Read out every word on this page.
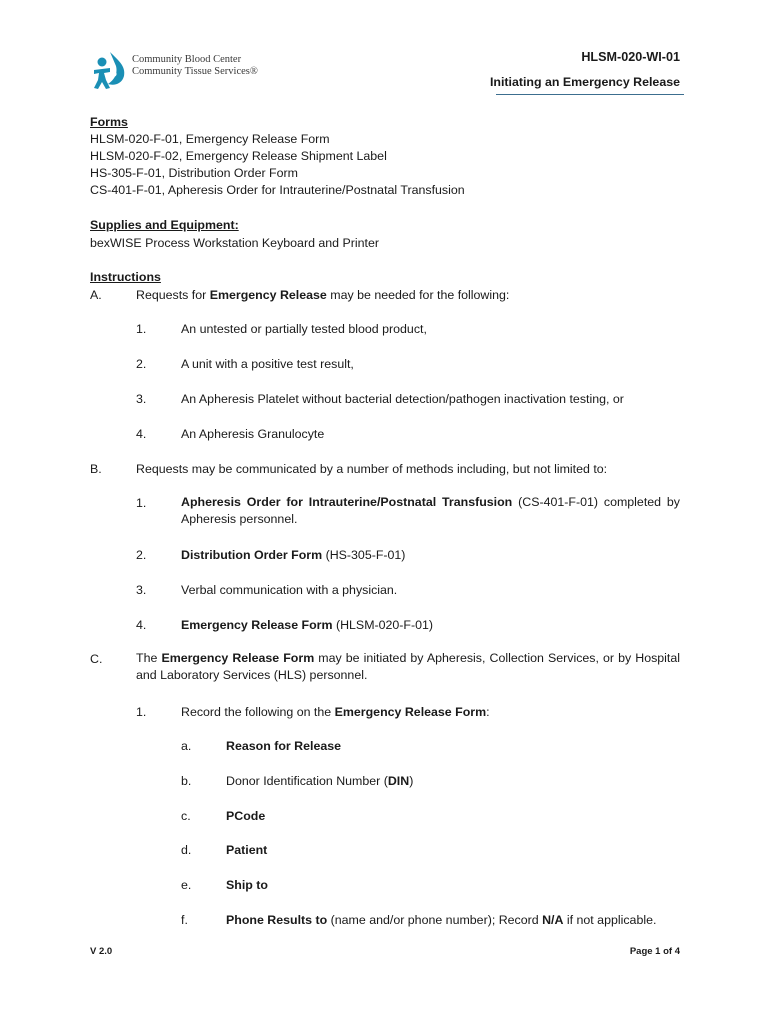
Community Blood Center
Community Tissue Services®
HLSM-020-WI-01
Initiating an Emergency Release
Forms
HLSM-020-F-01, Emergency Release Form
HLSM-020-F-02, Emergency Release Shipment Label
HS-305-F-01, Distribution Order Form
CS-401-F-01, Apheresis Order for Intrauterine/Postnatal Transfusion
Supplies and Equipment:
bexWISE Process Workstation Keyboard and Printer
Instructions
A.	Requests for Emergency Release may be needed for the following:
1.	An untested or partially tested blood product,
2.	A unit with a positive test result,
3.	An Apheresis Platelet without bacterial detection/pathogen inactivation testing, or
4.	An Apheresis Granulocyte
B.	Requests may be communicated by a number of methods including, but not limited to:
1.	Apheresis Order for Intrauterine/Postnatal Transfusion (CS-401-F-01) completed by Apheresis personnel.
2.	Distribution Order Form (HS-305-F-01)
3.	Verbal communication with a physician.
4.	Emergency Release Form (HLSM-020-F-01)
C.	The Emergency Release Form may be initiated by Apheresis, Collection Services, or by Hospital and Laboratory Services (HLS) personnel.
1.	Record the following on the Emergency Release Form:
a.	Reason for Release
b.	Donor Identification Number (DIN)
c.	PCode
d.	Patient
e.	Ship to
f.	Phone Results to (name and/or phone number); Record N/A if not applicable.
V 2.0	Page 1 of 4
